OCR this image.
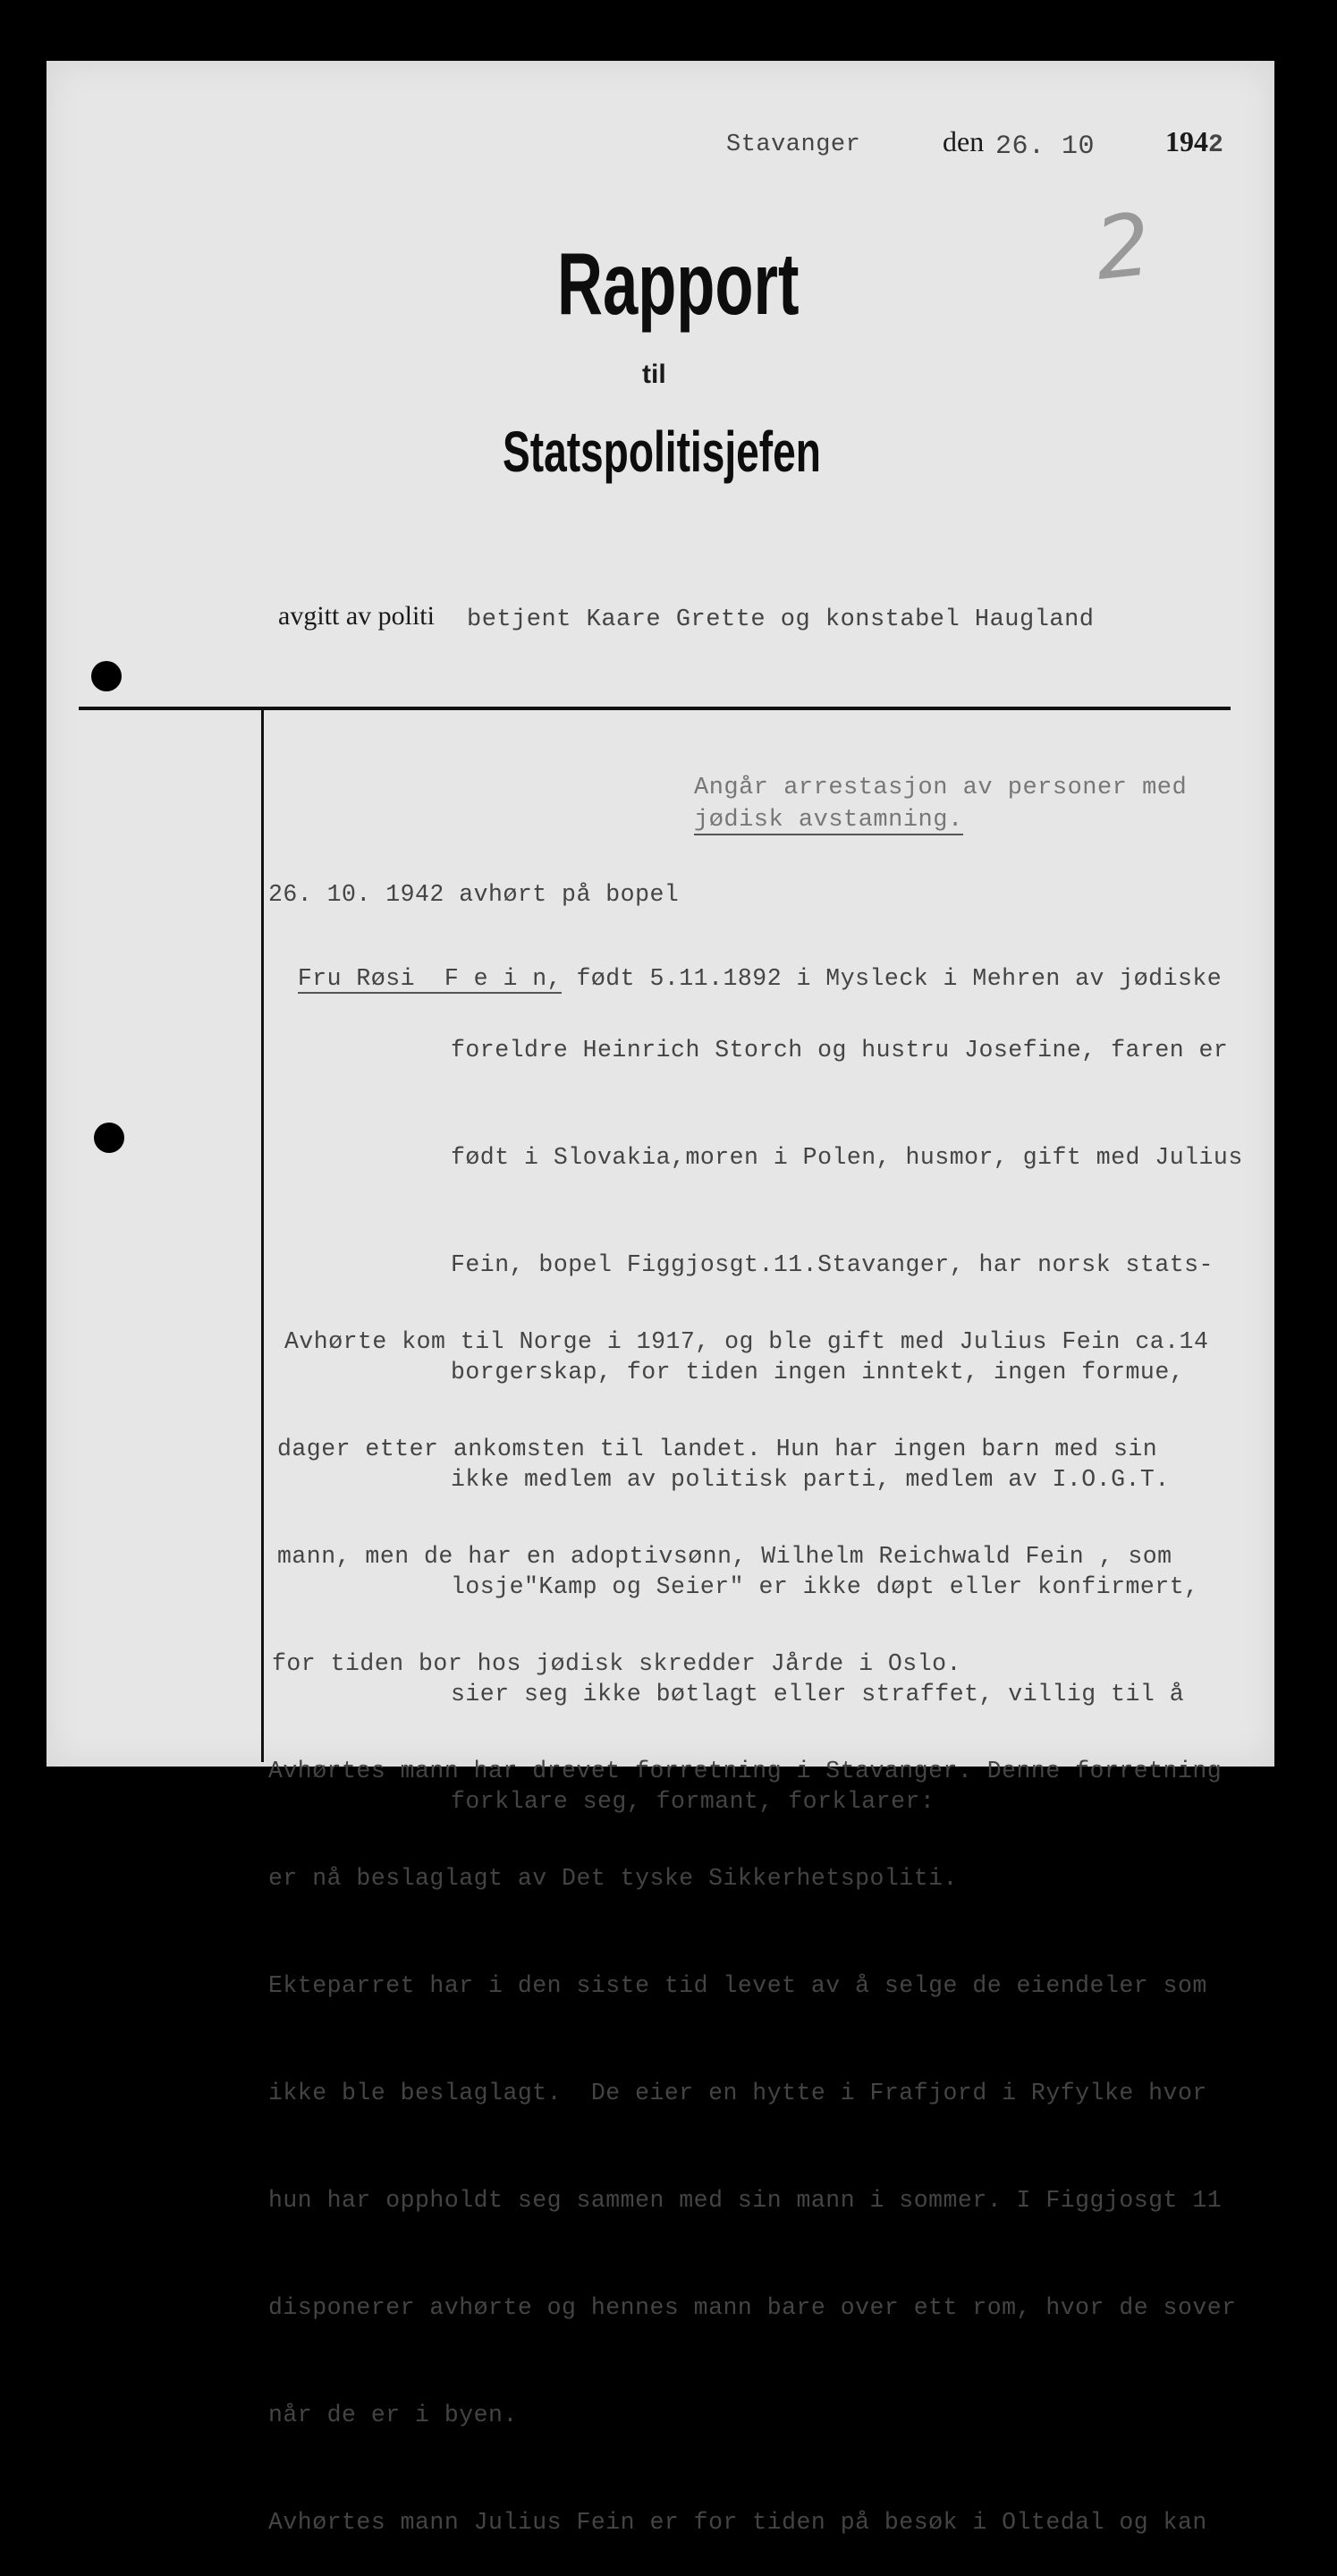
Stavanger	den 26. 10 1942
2
Rapport
til
Statspolitisjefen
avgitt av politi betjent Kaare Grette og konstabel Haugland
Angår arrestasjon av personer med
jødisk avstamning.
26. 10. 1942 avhørt på bopel

Fru Røsi  F e i n, født 5.11.1892 i Mysleck i Mehren av jødiske

foreldre Heinrich Storch og hustru Josefine, faren er

født i Slovakia,moren i Polen, husmor, gift med Julius

Fein, bopel Figgjosgt.11.Stavanger, har norsk stats-

borgerskap, for tiden ingen inntekt, ingen formue,

ikke medlem av politisk parti, medlem av I.O.G.T.

losje"Kamp og Seier" er ikke døpt eller konfirmert,

sier seg ikke bøtlagt eller straffet, villig til å

forklare seg, formant, forklarer:

Avhørte kom til Norge i 1917, og ble gift med Julius Fein ca.14

dager etter ankomsten til landet. Hun har ingen barn med sin

mann, men de har en adoptivsønn, Wilhelm Reichwald Fein , som

for tiden bor hos jødisk skredder Jårde i Oslo.

Avhørtes mann har drevet forretning i Stavanger. Denne forretning

er nå beslaglagt av Det tyske Sikkerhetspoliti.

Ekteparret har i den siste tid levet av å selge de eiendeler som

ikke ble beslaglagt.  De eier en hytte i Frafjord i Ryfylke hvor

hun har oppholdt seg sammen med sin mann i sommer. I Figgjosgt 11

disponerer avhørte og hennes mann bare over ett rom, hvor de sover

når de er i byen.

Avhørtes mann Julius Fein er for tiden på besøk i Oltedal og kan
